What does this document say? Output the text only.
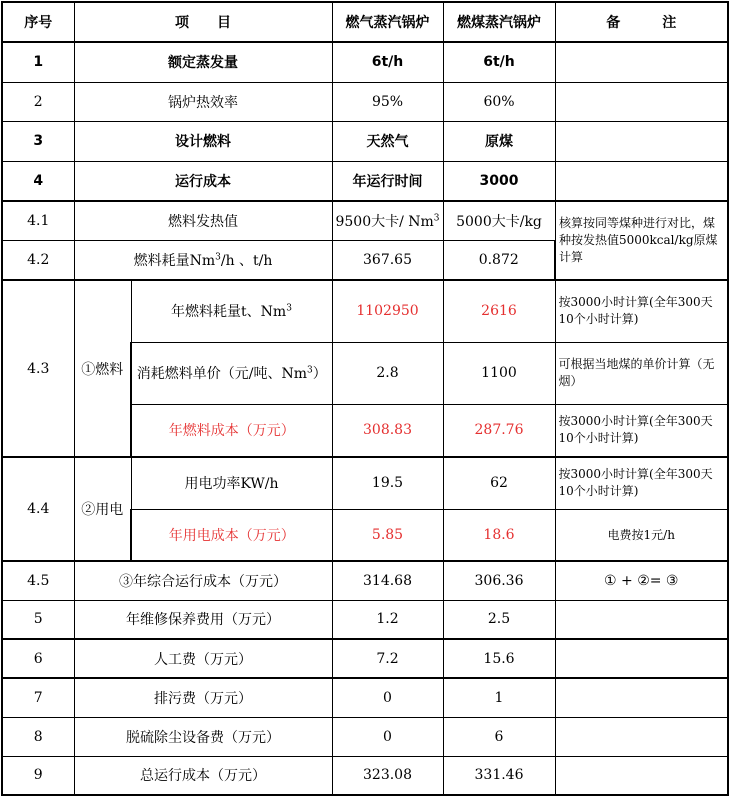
序号	项　　目		燃气蒸汽锅炉	燃煤蒸汽锅炉	备　　　注
1	额定蒸发量		6t/h	6t/h	
2	锅炉热效率		95%	60%	
3	设计燃料		天然气	原煤	
4	运行成本		年运行时间	3000	
4.1	燃料发热值		9500大卡/ Nm$^3$	5000大卡/kg	核算按同等煤种进行对比，煤种按发热值5000kcal/kg原煤计算
4.2	燃料耗量Nm$^3$/h 、t/h		367.65	0.872	
4.3	①燃料	年燃料耗量t、Nm$^3$	1102950	2616	按3000小时计算(全年300天10个小时计算)
		消耗燃料单价（元/吨、Nm$^3$）	2.8	1100	可根据当地煤的单价计算（无烟）
		年燃料成本（万元）	308.83	287.76	按3000小时计算(全年300天10个小时计算)
4.4	②用电	用电功率KW/h	19.5	62	按3000小时计算(全年300天10个小时计算)
		年用电成本（万元）	5.85	18.6	电费按1元/h
4.5	③年综合运行成本（万元）		314.68	306.36	① + ②= ③
5	年维修保养费用（万元）		1.2	2.5	
6	人工费（万元）		7.2	15.6	
7	排污费（万元）		0	1	
8	脱硫除尘设备费（万元）		0	6	
9	总运行成本（万元）		323.08	331.46	
